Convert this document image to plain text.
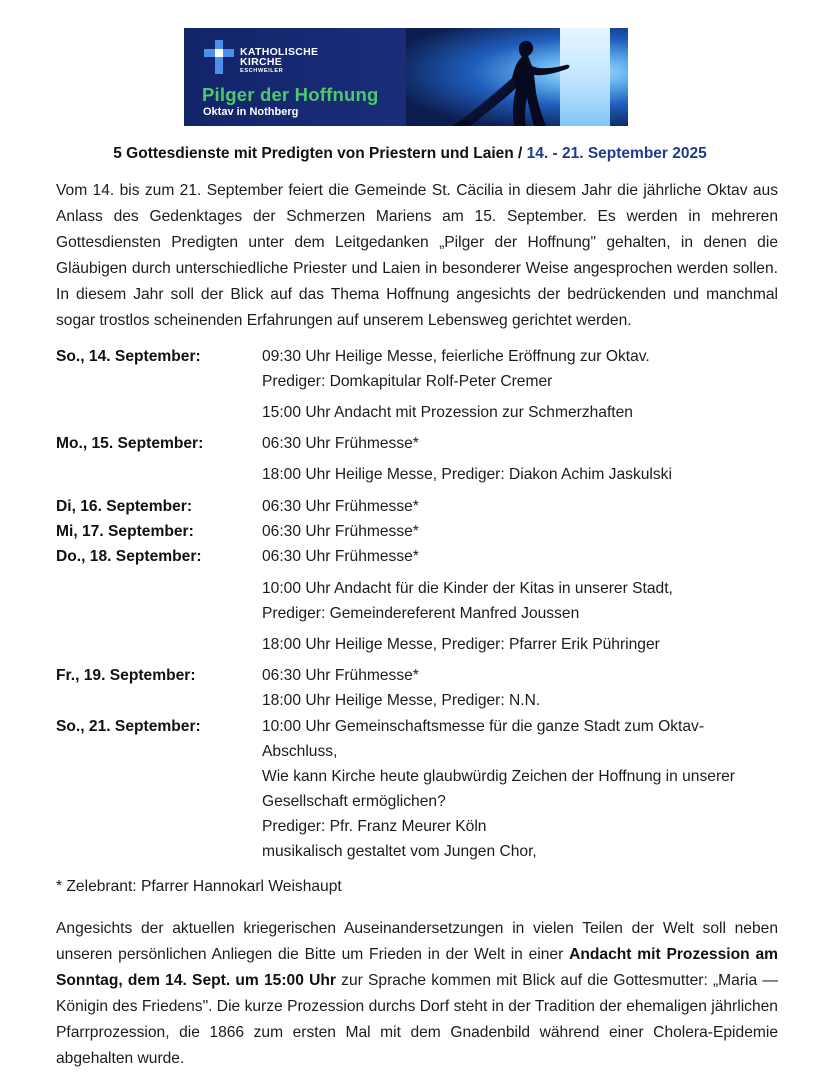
KATHOLISCHE
KIRCHE
ESCHWEILER
Pilger der Hoffnung
Oktav in Nothberg
5 Gottesdienste mit Predigten von Priestern und Laien / 14. - 21. September 2025

Vom 14. bis zum 21. September feiert die Gemeinde St. Cäcilia in diesem Jahr die jährliche Oktav aus Anlass des Gedenktages der Schmerzen Mariens am 15. September. Es werden in mehreren Gottesdiensten Predigten unter dem Leitgedanken „Pilger der Hoffnung" gehalten, in denen die Gläubigen durch unterschiedliche Priester und Laien in besonderer Weise angesprochen werden sollen. In diesem Jahr soll der Blick auf das Thema Hoffnung angesichts der bedrückenden und manchmal sogar trostlos scheinenden Erfahrungen auf unserem Lebensweg gerichtet werden.

So., 14. September:	09:30 Uhr Heilige Messe, feierliche Eröffnung zur Oktav.
Prediger: Domkapitular Rolf-Peter Cremer
15:00 Uhr Andacht mit Prozession zur Schmerzhaften
Mo., 15. September:	06:30 Uhr Frühmesse*
18:00 Uhr Heilige Messe, Prediger: Diakon Achim Jaskulski
Di, 16. September:	06:30 Uhr Frühmesse*
Mi, 17. September:	06:30 Uhr Frühmesse*
Do., 18. September:	06:30 Uhr Frühmesse*
10:00 Uhr Andacht für die Kinder der Kitas in unserer Stadt,
Prediger: Gemeindereferent Manfred Joussen
18:00 Uhr Heilige Messe, Prediger: Pfarrer Erik Pühringer
Fr., 19. September:	06:30 Uhr Frühmesse*
18:00 Uhr Heilige Messe, Prediger: N.N.
So., 21. September:	10:00 Uhr Gemeinschaftsmesse für die ganze Stadt zum Oktav-
Abschluss,
Wie kann Kirche heute glaubwürdig Zeichen der Hoffnung in unserer
Gesellschaft ermöglichen?
Prediger: Pfr. Franz Meurer Köln
musikalisch gestaltet vom Jungen Chor,
* Zelebrant: Pfarrer Hannokarl Weishaupt

Angesichts der aktuellen kriegerischen Auseinandersetzungen in vielen Teilen der Welt soll neben unseren persönlichen Anliegen die Bitte um Frieden in der Welt in einer Andacht mit Prozession am Sonntag, dem 14. Sept. um 15:00 Uhr zur Sprache kommen mit Blick auf die Gottesmutter: „Maria — Königin des Friedens". Die kurze Prozession durchs Dorf steht in der Tradition der ehemaligen jährlichen Pfarrprozession, die 1866 zum ersten Mal mit dem Gnadenbild während einer Cholera-Epidemie abgehalten wurde.
